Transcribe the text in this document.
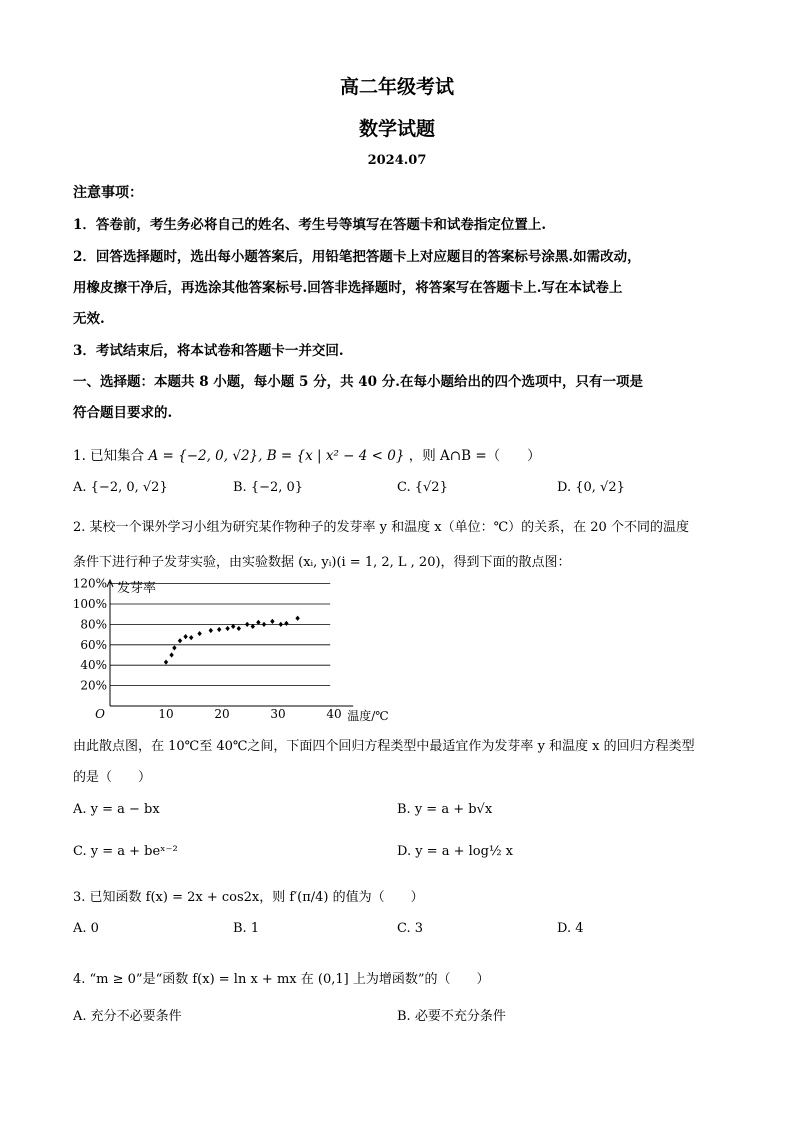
高二年级考试
数学试题
2024.07
注意事项：
1．答卷前，考生务必将自己的姓名、考生号等填写在答题卡和试卷指定位置上.
2．回答选择题时，选出每小题答案后，用铅笔把答题卡上对应题目的答案标号涂黑.如需改动，
用橡皮擦干净后，再选涂其他答案标号.回答非选择题时，将答案写在答题卡上.写在本试卷上
无效.
3．考试结束后，将本试卷和答题卡一并交回.
一、选择题：本题共 8 小题，每小题 5 分，共 40 分.在每小题给出的四个选项中，只有一项是
符合题目要求的.
1. 已知集合 A = {−2, 0, √2}, B = {x | x² − 4 < 0} ，则 A∩B =（　　）
A. {−2, 0, √2}	B. {−2, 0}	C. {√2}	D. {0, √2}
2. 某校一个课外学习小组为研究某作物种子的发芽率 y 和温度 x（单位：℃）的关系，在 20 个不同的温度
条件下进行种子发芽实验，由实验数据 (xᵢ, yᵢ)(i = 1, 2, L , 20)，得到下面的散点图：
20%
40%
60%
80%
100%
120%
10	20	30	40
O
发芽率
温度/℃
由此散点图，在 10℃至 40℃之间，下面四个回归方程类型中最适宜作为发芽率 y 和温度 x 的回归方程类型
的是（　　）
A. y = a − bx	B. y = a + b√x
C. y = a + beˣ⁻²	D. y = a + log½ x
3. 已知函数 f(x) = 2x + cos2x，则 f′(π/4) 的值为（　　）
A. 0	B. 1	C. 3	D. 4
4. “m ≥ 0”是“函数 f(x) = ln x + mx 在 (0,1] 上为增函数”的（　　）
A. 充分不必要条件	B. 必要不充分条件
